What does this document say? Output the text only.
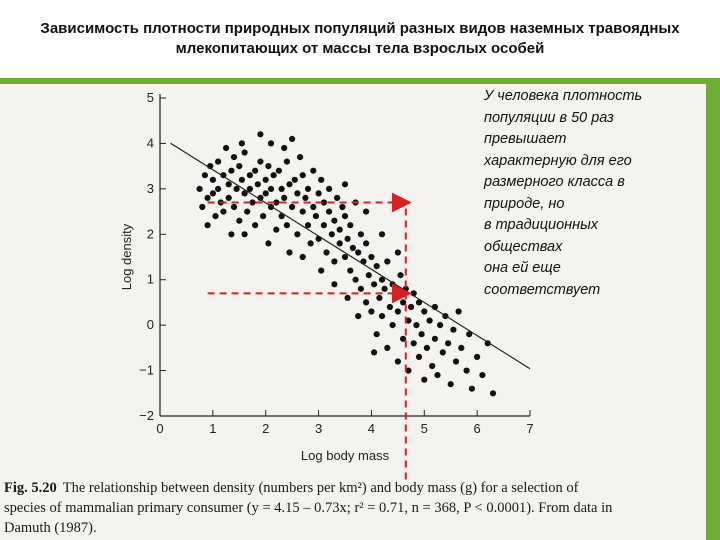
Зависимость плотности природных популяций разных видов наземных травоядных млекопитающих от массы тела взрослых особей
0	1	2	3	4	5	6	7
−2
−1
0
1
2
3
4
5
Log body mass
Log density
У человека плотность
популяции в 50 раз
превышает
характерную для его
размерного класса в
природе, но
в традиционных
обществах
она ей еще
соответствует
Fig. 5.20 The relationship between density (numbers per km²) and body mass (g) for a selection of species of mammalian primary consumer (y = 4.15 – 0.73x; r² = 0.71, n = 368, P < 0.0001). From data in Damuth (1987).
